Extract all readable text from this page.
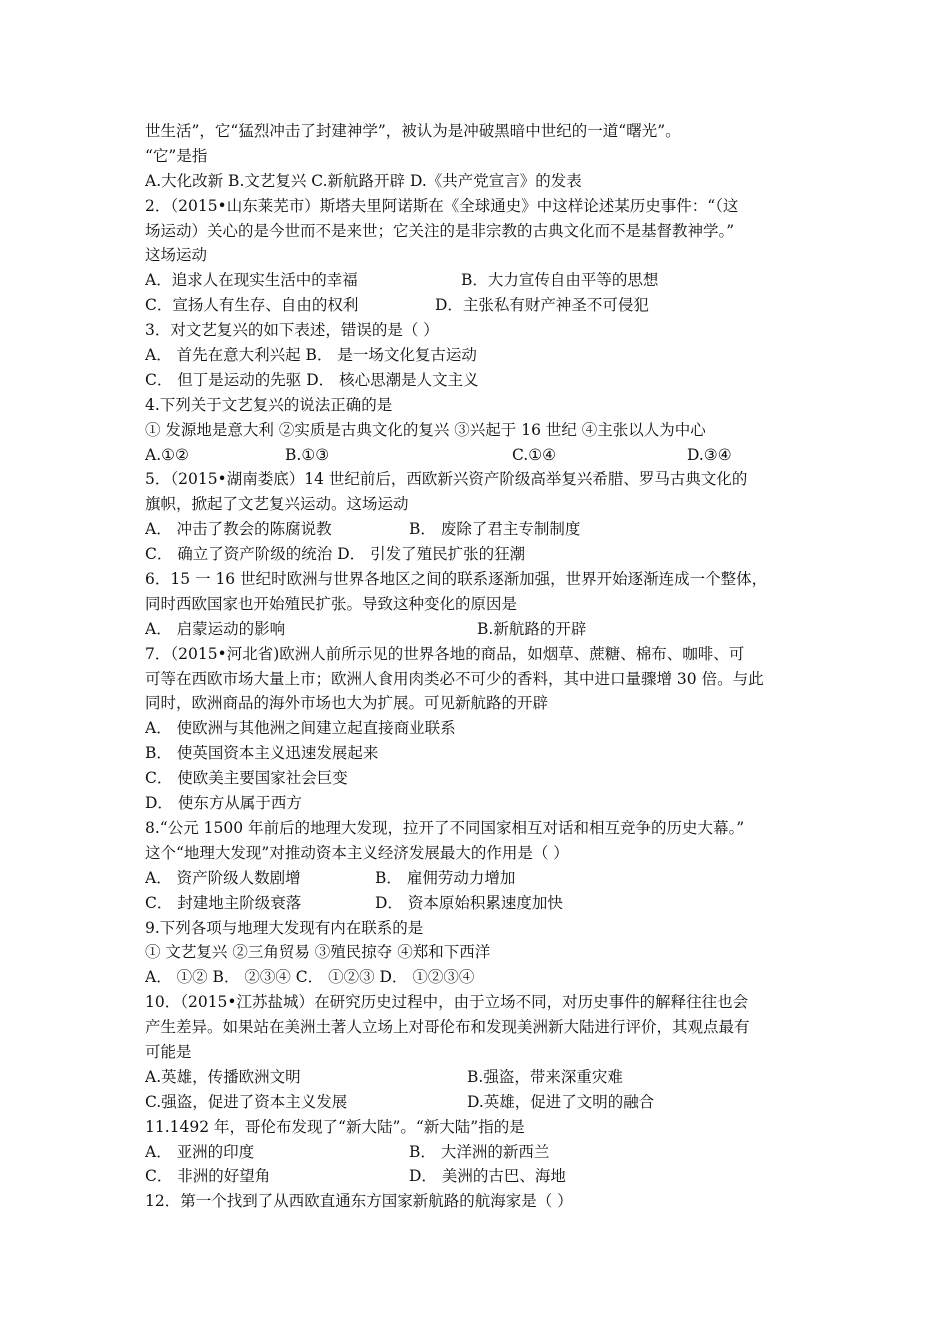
世生活”，它“猛烈冲击了封建神学”，被认为是冲破黑暗中世纪的一道“曙光”。
“它”是指
A.大化改新 B.文艺复兴 C.新航路开辟 D.《共产党宣言》的发表
2．（2015•山东莱芜市）斯塔夫里阿诺斯在《全球通史》中这样论述某历史事件：“（这
场运动）关心的是今世而不是来世；它关注的是非宗教的古典文化而不是基督教神学。”
这场运动
A．追求人在现实生活中的幸福	B．大力宣传自由平等的思想
C．宣扬人有生存、自由的权利	D．主张私有财产神圣不可侵犯
3．对文艺复兴的如下表述，错误的是（ ）
A． 首先在意大利兴起 B． 是一场文化复古运动
C． 但丁是运动的先驱 D． 核心思潮是人文主义
4.下列关于文艺复兴的说法正确的是
① 发源地是意大利 ②实质是古典文化的复兴 ③兴起于 16 世纪 ④主张以人为中心
A.①②	B.①③	C.①④	D.③④
5．（2015•湖南娄底）14 世纪前后，西欧新兴资产阶级高举复兴希腊、罗马古典文化的
旗帜，掀起了文艺复兴运动。这场运动
A． 冲击了教会的陈腐说教	B． 废除了君主专制制度
C． 确立了资产阶级的统治 D． 引发了殖民扩张的狂潮
6．15 一 16 世纪时欧洲与世界各地区之间的联系逐渐加强，世界开始逐渐连成一个整体，
同时西欧国家也开始殖民扩张。导致这种变化的原因是
A． 启蒙运动的影响	B.新航路的开辟
7．（2015•河北省)欧洲人前所示见的世界各地的商品，如烟草、蔗糖、棉布、咖啡、可
可等在西欧市场大量上市；欧洲人食用肉类必不可少的香料，其中进口量骤增 30 倍。与此
同时，欧洲商品的海外市场也大为扩展。可见新航路的开辟
A． 使欧洲与其他洲之间建立起直接商业联系
B． 使英国资本主义迅速发展起来
C． 使欧美主要国家社会巨变
D． 使东方从属于西方
8.“公元 1500 年前后的地理大发现，拉开了不同国家相互对话和相互竞争的历史大幕。”
这个“地理大发现”对推动资本主义经济发展最大的作用是（ ）
A． 资产阶级人数剧增	B． 雇佣劳动力增加
C． 封建地主阶级衰落	D． 资本原始积累速度加快
9.下列各项与地理大发现有内在联系的是
① 文艺复兴 ②三角贸易 ③殖民掠夺 ④郑和下西洋
A． ①② B． ②③④ C． ①②③ D． ①②③④
10．（2015•江苏盐城）在研究历史过程中，由于立场不同，对历史事件的解释往往也会
产生差异。如果站在美洲土著人立场上对哥伦布和发现美洲新大陆进行评价，其观点最有
可能是
A.英雄，传播欧洲文明	B.强盗，带来深重灾难
C.强盗，促进了资本主义发展	D.英雄，促进了文明的融合
11.1492 年，哥伦布发现了“新大陆”。“新大陆”指的是
A． 亚洲的印度	B． 大洋洲的新西兰
C． 非洲的好望角	D． 美洲的古巴、海地
12．第一个找到了从西欧直通东方国家新航路的航海家是（ ）
